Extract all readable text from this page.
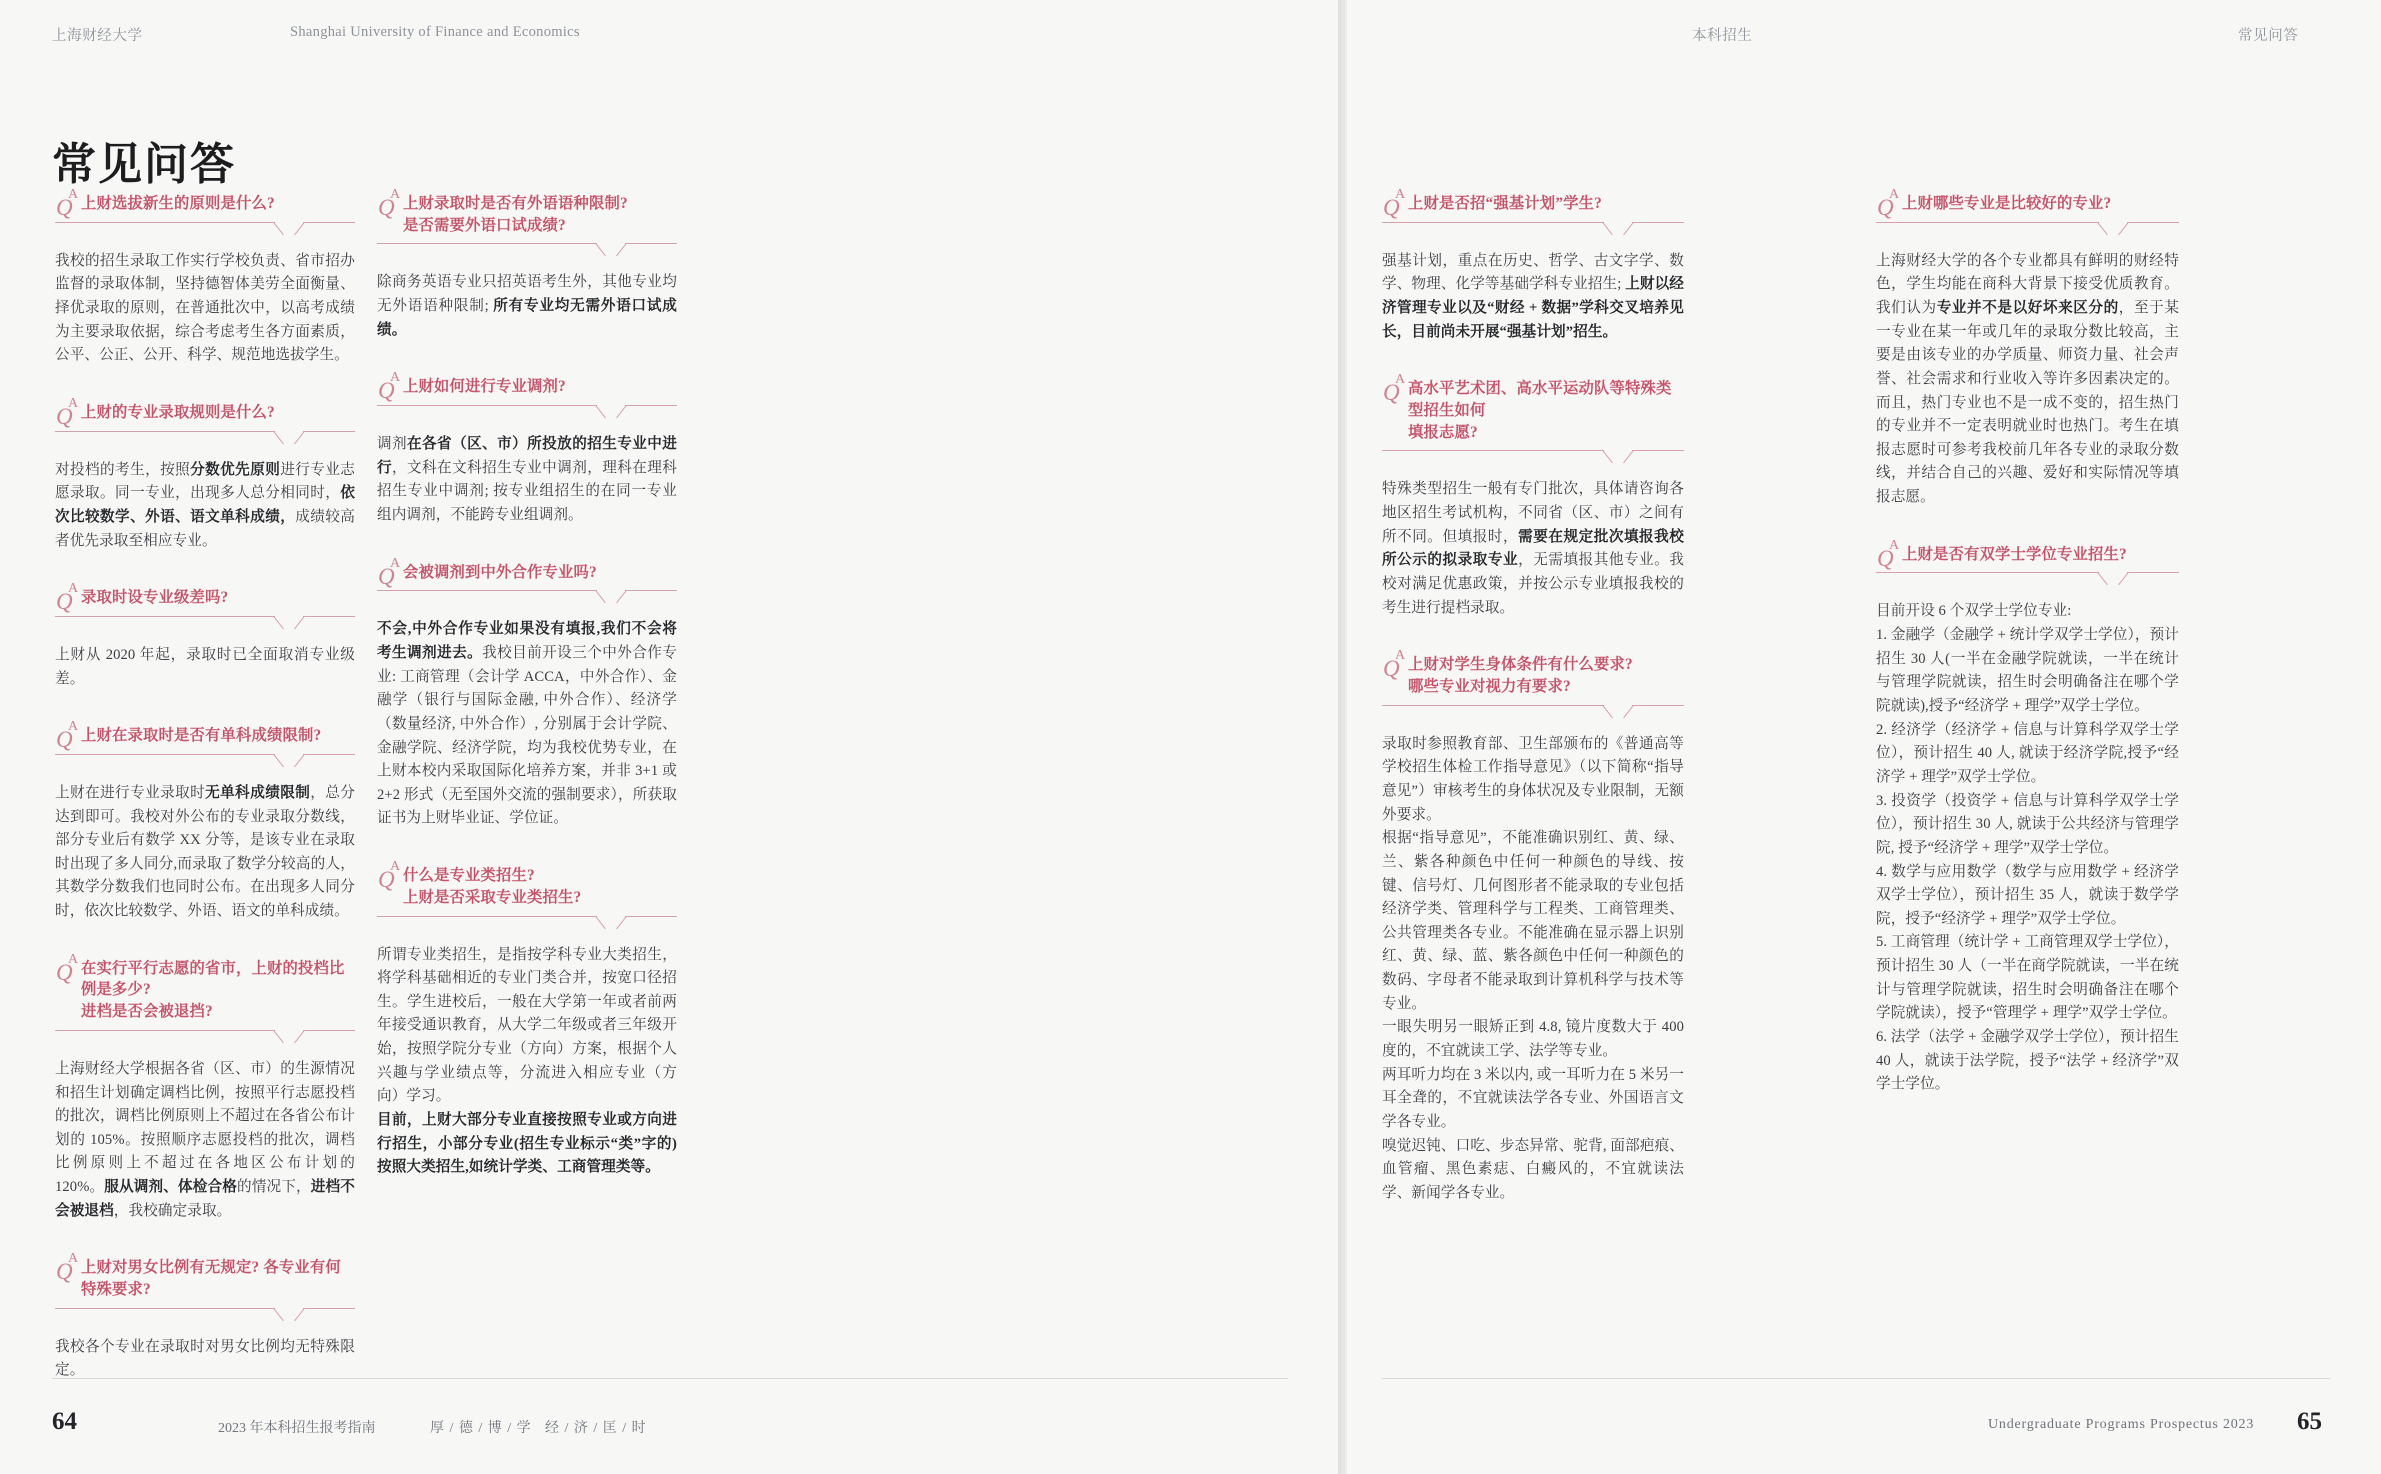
上海财经大学	Shanghai University of Finance and Economics	本科招生	常见问答
常见问答
Q
A
上财选拔新生的原则是什么?

我校的招生录取工作实行学校负责、省市招办监督的录取体制，坚持德智体美劳全面衡量、择优录取的原则，在普通批次中，以高考成绩为主要录取依据，综合考虑考生各方面素质，公平、公正、公开、科学、规范地选拔学生。

Q
A
上财的专业录取规则是什么?

对投档的考生，按照分数优先原则进行专业志愿录取。同一专业，出现多人总分相同时，依次比较数学、外语、语文单科成绩，成绩较高者优先录取至相应专业。

Q
A
录取时设专业级差吗?

上财从 2020 年起，录取时已全面取消专业级差。

Q
A
上财在录取时是否有单科成绩限制?

上财在进行专业录取时无单科成绩限制，总分达到即可。我校对外公布的专业录取分数线，部分专业后有数学 XX 分等，是该专业在录取时出现了多人同分,而录取了数学分较高的人，其数学分数我们也同时公布。在出现多人同分时，依次比较数学、外语、语文的单科成绩。

Q
A
在实行平行志愿的省市，上财的投档比例是多少?
进档是否会被退挡?

上海财经大学根据各省（区、市）的生源情况和招生计划确定调档比例，按照平行志愿投档的批次，调档比例原则上不超过在各省公布计划的 105%。按照顺序志愿投档的批次，调档比例原则上不超过在各地区公布计划的 120%。服从调剂、体检合格的情况下，进档不会被退档，我校确定录取。

Q
A
上财对男女比例有无规定? 各专业有何特殊要求?

我校各个专业在录取时对男女比例均无特殊限定。

Q
A
上财录取时是否有外语语种限制?
是否需要外语口试成绩?

除商务英语专业只招英语考生外，其他专业均无外语语种限制; 所有专业均无需外语口试成绩。

Q
A
上财如何进行专业调剂?

调剂在各省（区、市）所投放的招生专业中进行，文科在文科招生专业中调剂，理科在理科招生专业中调剂; 按专业组招生的在同一专业组内调剂，不能跨专业组调剂。

Q
A
会被调剂到中外合作专业吗?

不会,中外合作专业如果没有填报,我们不会将考生调剂进去。我校目前开设三个中外合作专业: 工商管理（会计学 ACCA，中外合作）、金融学（银行与国际金融, 中外合作）、经济学（数量经济, 中外合作）, 分别属于会计学院、金融学院、经济学院，均为我校优势专业，在上财本校内采取国际化培养方案，并非 3+1 或 2+2 形式（无至国外交流的强制要求），所获取证书为上财毕业证、学位证。

Q
A
什么是专业类招生?
上财是否采取专业类招生?

所谓专业类招生，是指按学科专业大类招生，将学科基础相近的专业门类合并，按宽口径招生。学生进校后，一般在大学第一年或者前两年接受通识教育，从大学二年级或者三年级开始，按照学院分专业（方向）方案，根据个人兴趣与学业绩点等，分流进入相应专业（方向）学习。

目前，上财大部分专业直接按照专业或方向进行招生，小部分专业(招生专业标示“类”字的)按照大类招生,如统计学类、工商管理类等。

Q
A
上财是否招“强基计划”学生?

强基计划，重点在历史、哲学、古文字学、数学、物理、化学等基础学科专业招生; 上财以经济管理专业以及“财经 + 数据”学科交叉培养见长，目前尚未开展“强基计划”招生。

Q
A
高水平艺术团、高水平运动队等特殊类型招生如何
填报志愿?

特殊类型招生一般有专门批次，具体请咨询各地区招生考试机构，不同省（区、市）之间有所不同。但填报时，需要在规定批次填报我校所公示的拟录取专业，无需填报其他专业。我校对满足优惠政策，并按公示专业填报我校的考生进行提档录取。

Q
A
上财对学生身体条件有什么要求?
哪些专业对视力有要求?

录取时参照教育部、卫生部颁布的《普通高等学校招生体检工作指导意见》（以下简称“指导意见”）审核考生的身体状况及专业限制，无额外要求。

根据“指导意见”，不能准确识别红、黄、绿、兰、紫各种颜色中任何一种颜色的导线、按键、信号灯、几何图形者不能录取的专业包括经济学类、管理科学与工程类、工商管理类、公共管理类各专业。不能准确在显示器上识别红、黄、绿、蓝、紫各颜色中任何一种颜色的数码、字母者不能录取到计算机科学与技术等专业。

一眼失明另一眼矫正到 4.8, 镜片度数大于 400 度的，不宜就读工学、法学等专业。

两耳听力均在 3 米以内, 或一耳听力在 5 米另一耳全聋的，不宜就读法学各专业、外国语言文学各专业。

嗅觉迟钝、口吃、步态异常、驼背, 面部疤痕、血管瘤、黑色素痣、白癜风的，不宜就读法学、新闻学各专业。

Q
A
上财哪些专业是比较好的专业?

上海财经大学的各个专业都具有鲜明的财经特色，学生均能在商科大背景下接受优质教育。我们认为专业并不是以好坏来区分的，至于某一专业在某一年或几年的录取分数比较高，主要是由该专业的办学质量、师资力量、社会声誉、社会需求和行业收入等许多因素决定的。而且，热门专业也不是一成不变的，招生热门的专业并不一定表明就业时也热门。考生在填报志愿时可参考我校前几年各专业的录取分数线，并结合自己的兴趣、爱好和实际情况等填报志愿。

Q
A
上财是否有双学士学位专业招生?

目前开设 6 个双学士学位专业:

1. 金融学（金融学 + 统计学双学士学位），预计招生 30 人(一半在金融学院就读，一半在统计与管理学院就读，招生时会明确备注在哪个学院就读),授予“经济学 + 理学”双学士学位。

2. 经济学（经济学 + 信息与计算科学双学士学位），预计招生 40 人, 就读于经济学院,授予“经济学 + 理学”双学士学位。

3. 投资学（投资学 + 信息与计算科学双学士学位），预计招生 30 人, 就读于公共经济与管理学院, 授予“经济学 + 理学”双学士学位。

4. 数学与应用数学（数学与应用数学 + 经济学双学士学位），预计招生 35 人，就读于数学学院，授予“经济学 + 理学”双学士学位。

5. 工商管理（统计学 + 工商管理双学士学位），预计招生 30 人（一半在商学院就读，一半在统计与管理学院就读，招生时会明确备注在哪个学院就读），授予“管理学 + 理学”双学士学位。

6. 法学（法学 + 金融学双学士学位），预计招生 40 人，就读于法学院，授予“法学 + 经济学”双学士学位。

64	2023 年本科招生报考指南	厚 / 德 / 博 / 学 经 / 济 / 匡 / 时	Undergraduate Programs Prospectus 2023 65
